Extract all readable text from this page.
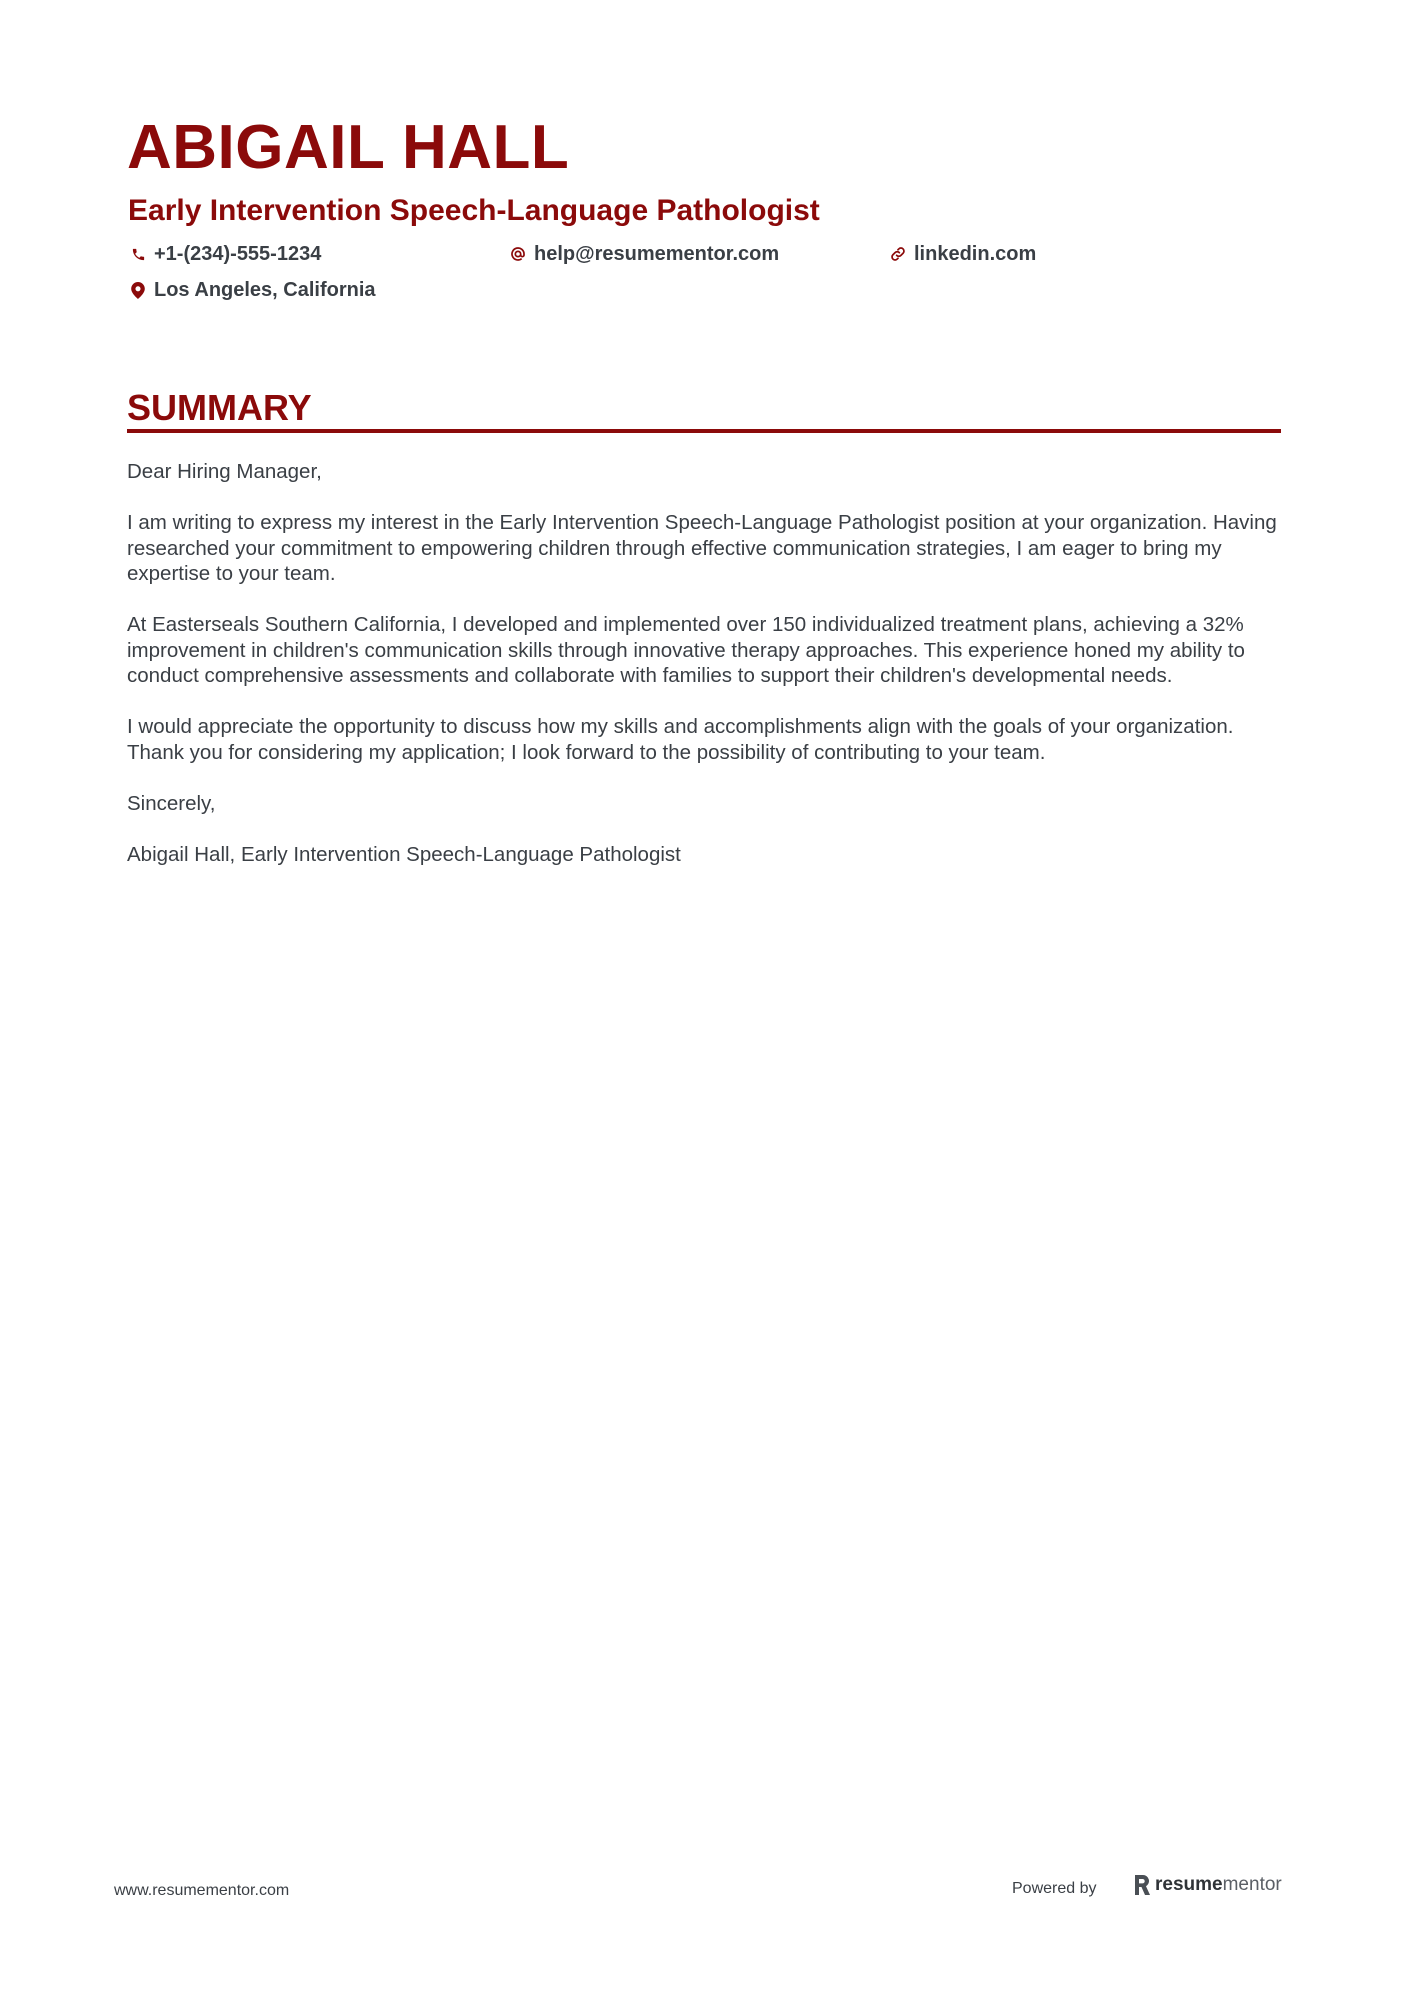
ABIGAIL HALL
Early Intervention Speech-Language Pathologist
+1-(234)-555-1234	help@resumementor.com	linkedin.com
Los Angeles, California
SUMMARY

Dear Hiring Manager,

I am writing to express my interest in the Early Intervention Speech-Language Pathologist position at your organization. Having researched your commitment to empowering children through effective communication strategies, I am eager to bring my expertise to your team.

At Easterseals Southern California, I developed and implemented over 150 individualized treatment plans, achieving a 32% improvement in children's communication skills through innovative therapy approaches. This experience honed my ability to conduct comprehensive assessments and collaborate with families to support their children's developmental needs.

I would appreciate the opportunity to discuss how my skills and accomplishments align with the goals of your organization. Thank you for considering my application; I look forward to the possibility of contributing to your team.

Sincerely,

Abigail Hall, Early Intervention Speech-Language Pathologist

www.resumementor.com	Powered by	resume mentor
